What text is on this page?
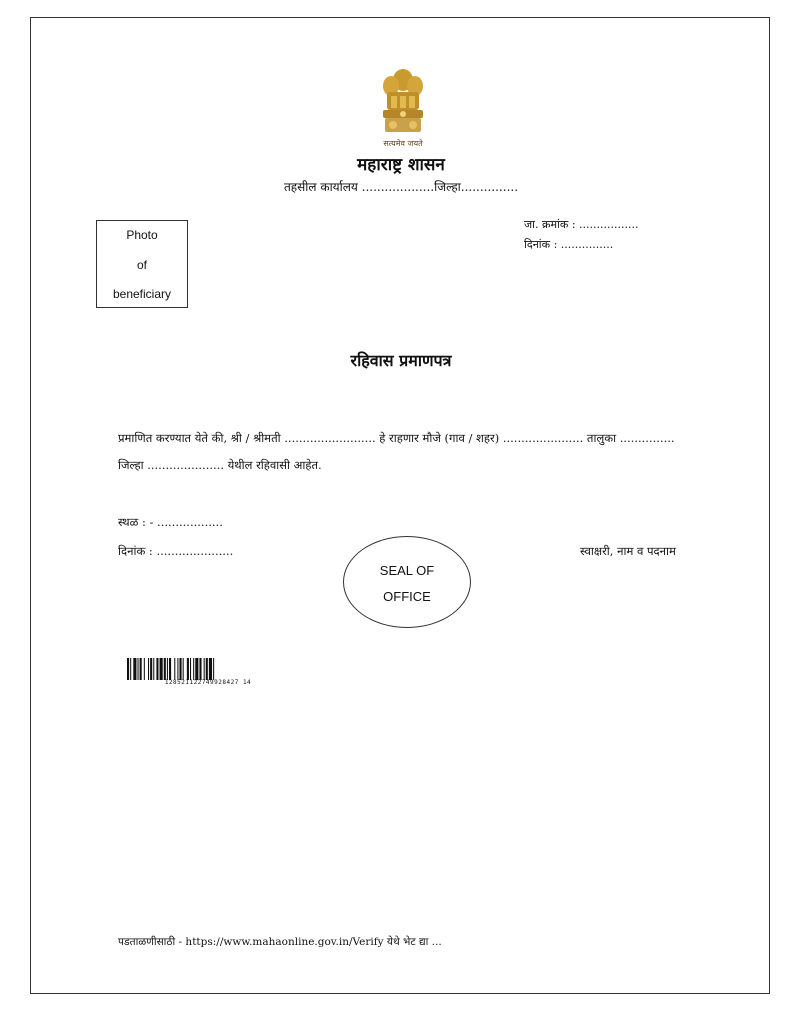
सत्यमेव जयते
महाराष्ट्र शासन
तहसील कार्यालय ...................जिल्हा...............
जा. क्रमांक : .................
दिनांक : ...............
Photo
of
beneficiary
रहिवास प्रमाणपत्र
प्रमाणित करण्यात येते की, श्री / श्रीमती ......................... हे राहणार मौजे (गाव / शहर) ...................... तालुका ...............
जिल्हा ..................... येथील रहिवासी आहेत.
स्थळ : - ..................
दिनांक : .....................	स्वाक्षरी, नाम व पदनाम
SEAL OF
OFFICE
128521122749928427 14
पडताळणीसाठी - https://www.mahaonline.gov.in/Verify येथे भेट द्या ...
